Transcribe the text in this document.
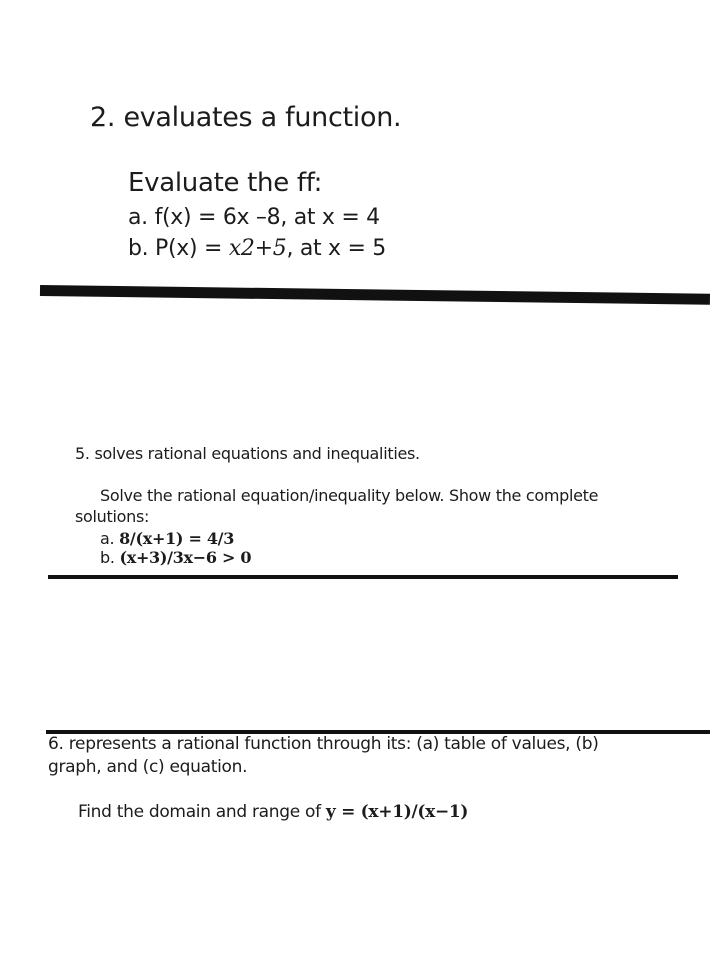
2. evaluates a function.
Evaluate the ff:
a. f(x) = 6x –8, at x = 4
b. P(x) = x2+5, at x = 5
5. solves rational equations and inequalities.
Solve the rational equation/inequality below. Show the complete
solutions:
a. 8/(x+1) = 4/3
b. (x+3)/3x−6 > 0
6. represents a rational function through its: (a) table of values, (b)
graph, and (c) equation.
Find the domain and range of y = (x+1)/(x−1)
